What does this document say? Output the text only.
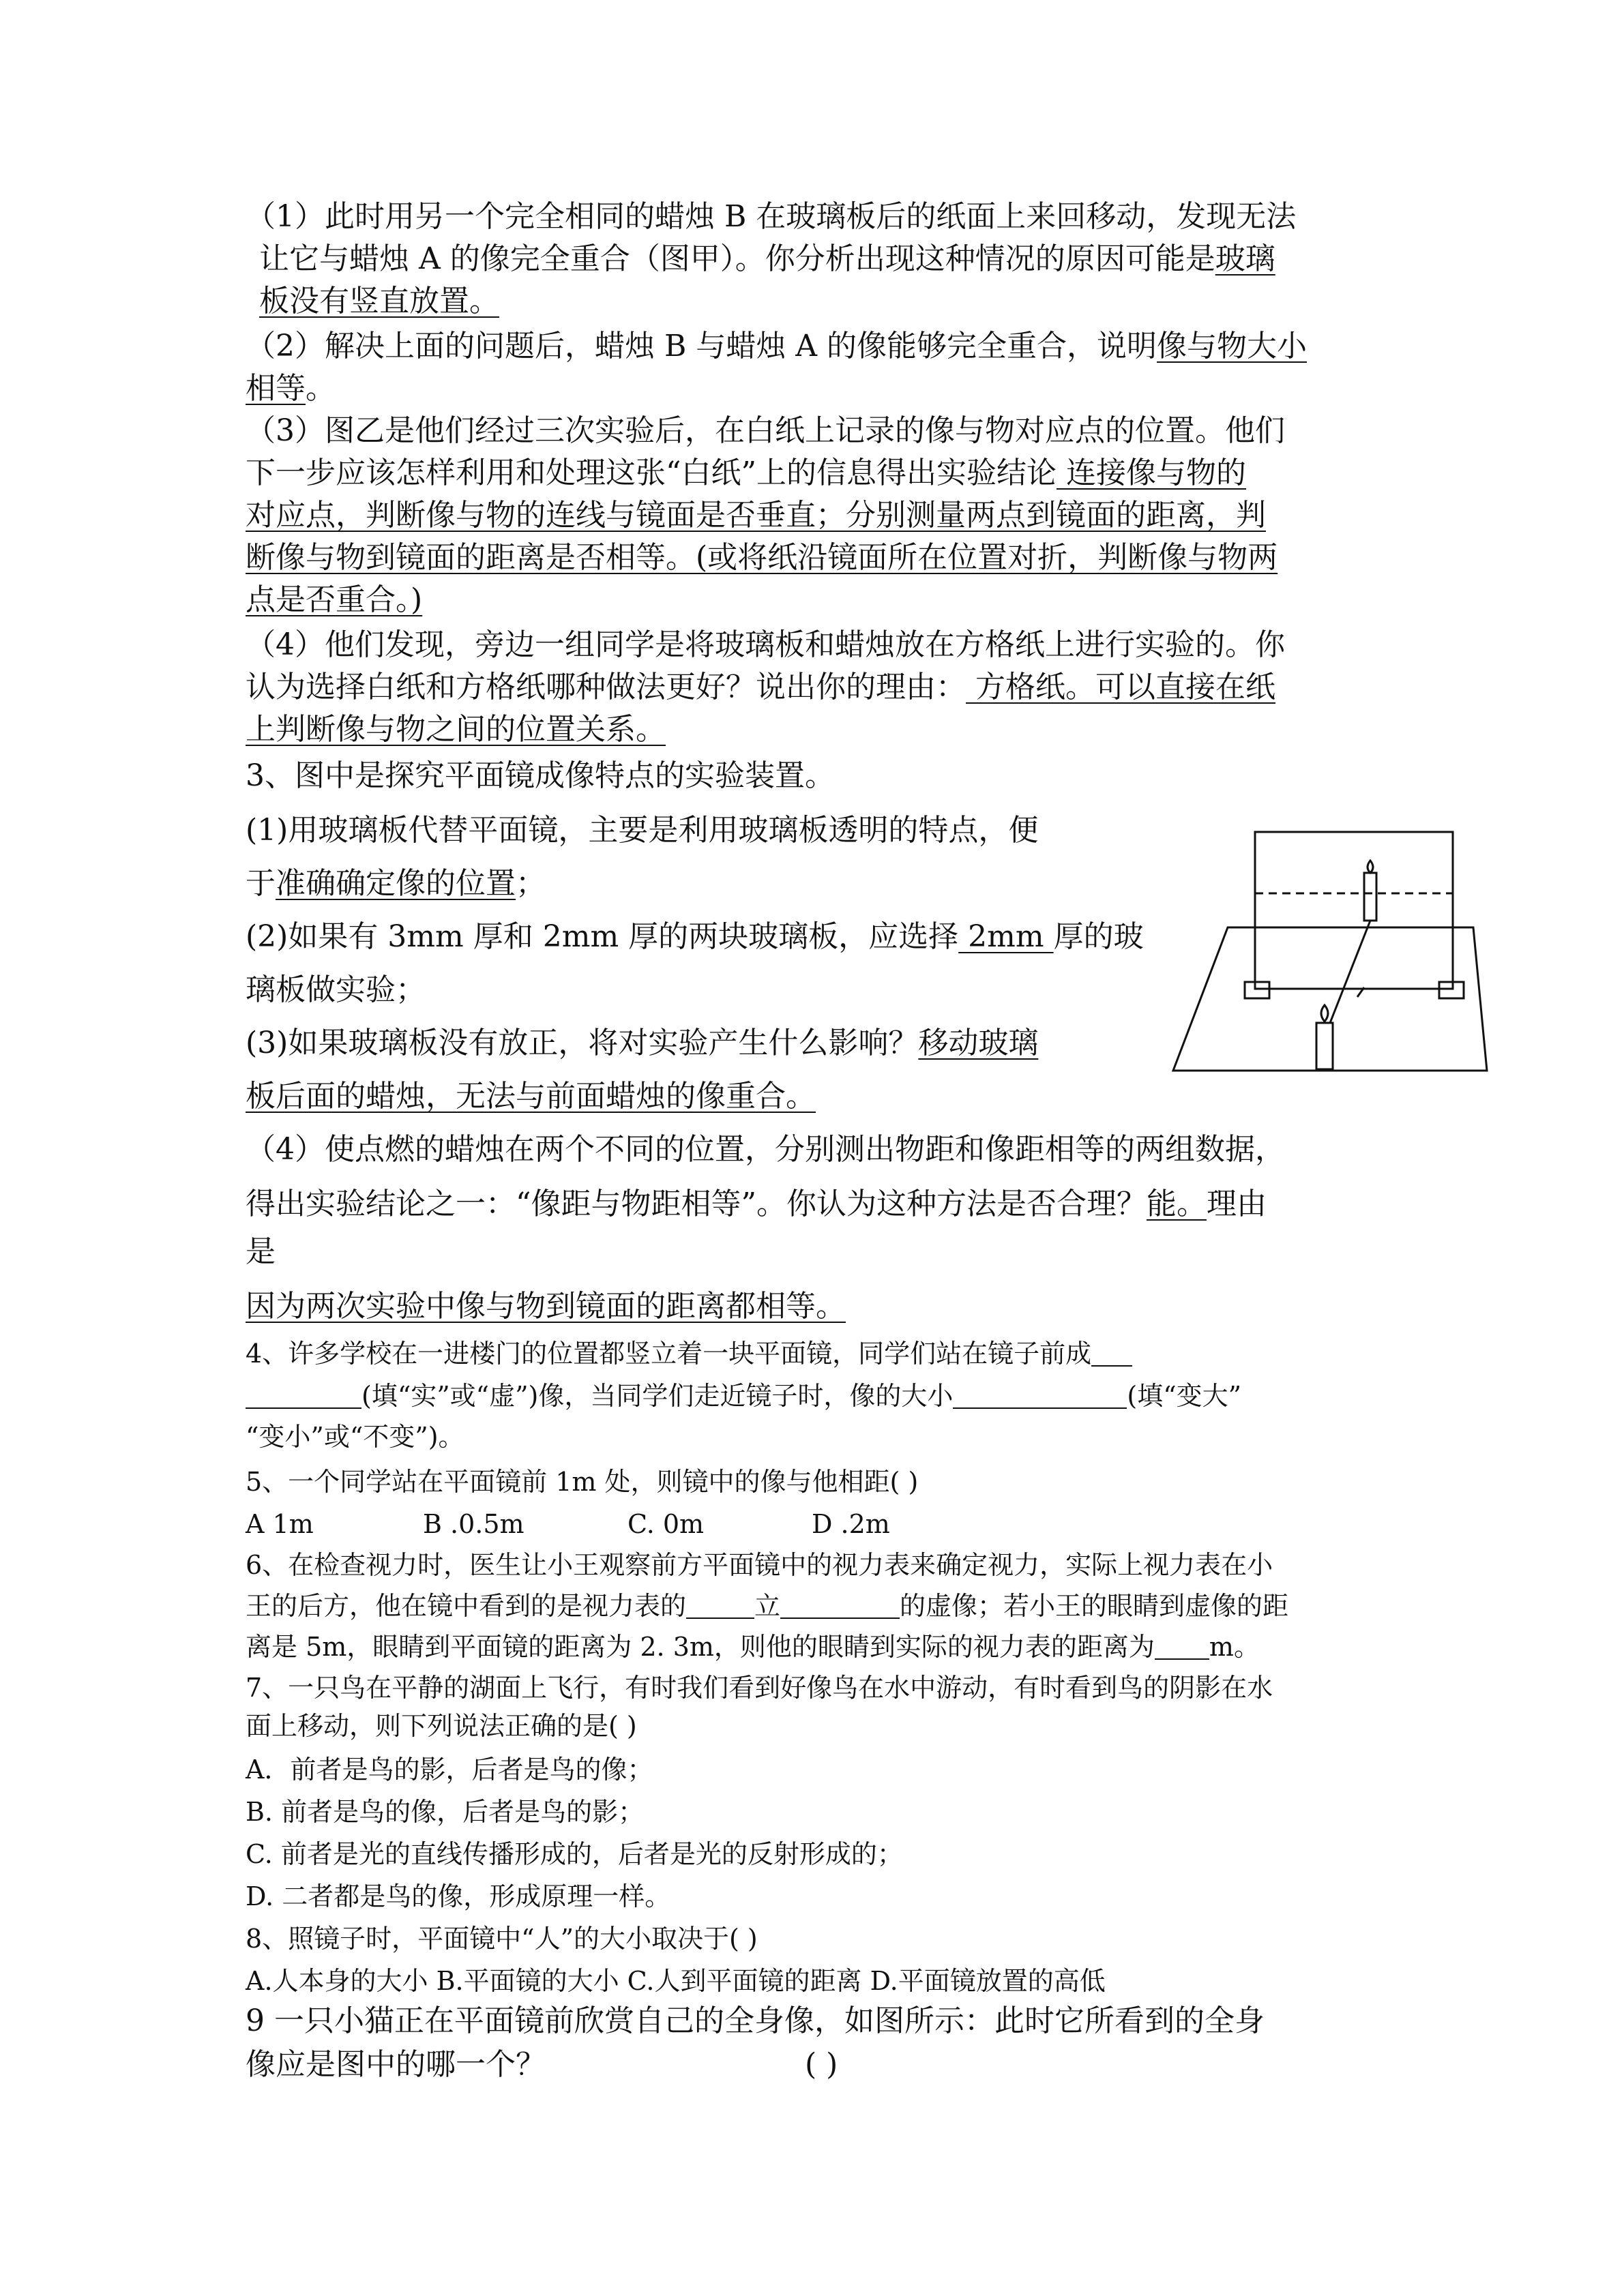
（1）此时用另一个完全相同的蜡烛 B 在玻璃板后的纸面上来回移动，发现无法
让它与蜡烛 A 的像完全重合（图甲）。你分析出现这种情况的原因可能是玻璃
板没有竖直放置。
（2）解决上面的问题后，蜡烛 B 与蜡烛 A 的像能够完全重合，说明像与物大小
相等。
（3）图乙是他们经过三次实验后，在白纸上记录的像与物对应点的位置。他们
下一步应该怎样利用和处理这张“白纸”上的信息得出实验结论 连接像与物的
对应点，判断像与物的连线与镜面是否垂直；分别测量两点到镜面的距离，判
断像与物到镜面的距离是否相等。(或将纸沿镜面所在位置对折，判断像与物两
点是否重合。)
（4）他们发现，旁边一组同学是将玻璃板和蜡烛放在方格纸上进行实验的。你
认为选择白纸和方格纸哪种做法更好？说出你的理由： 方格纸。可以直接在纸
上判断像与物之间的位置关系。
3、图中是探究平面镜成像特点的实验装置。
(1)用玻璃板代替平面镜，主要是利用玻璃板透明的特点，便
于准确确定像的位置；
(2)如果有 3mm 厚和 2mm 厚的两块玻璃板，应选择 2mm 厚的玻
璃板做实验；
(3)如果玻璃板没有放正，将对实验产生什么影响？移动玻璃
板后面的蜡烛，无法与前面蜡烛的像重合。
（4）使点燃的蜡烛在两个不同的位置，分别测出物距和像距相等的两组数据，
得出实验结论之一：“像距与物距相等”。你认为这种方法是否合理？能。理由
是
因为两次实验中像与物到镜面的距离都相等。
4、许多学校在一进楼门的位置都竖立着一块平面镜，同学们站在镜子前成
(填“实”或“虚”)像，当同学们走近镜子时，像的大小	(填“变大”
“变小”或“不变”)。
5、一个同学站在平面镜前 1m 处，则镜中的像与他相距( )
A 1m	B .0.5m	C. 0m	D .2m
6、在检查视力时，医生让小王观察前方平面镜中的视力表来确定视力，实际上视力表在小
王的后方，他在镜中看到的是视力表的	立	的虚像；若小王的眼睛到虚像的距
离是 5m，眼睛到平面镜的距离为 2. 3m，则他的眼睛到实际的视力表的距离为 m。
7、一只鸟在平静的湖面上飞行，有时我们看到好像鸟在水中游动，有时看到鸟的阴影在水
面上移动，则下列说法正确的是( )
A．前者是鸟的影，后者是鸟的像；
B. 前者是鸟的像，后者是鸟的影；
C. 前者是光的直线传播形成的，后者是光的反射形成的；
D. 二者都是鸟的像，形成原理一样。
8、照镜子时，平面镜中“人”的大小取决于( )
A.人本身的大小 B.平面镜的大小 C.人到平面镜的距离 D.平面镜放置的高低
9 一只小猫正在平面镜前欣赏自己的全身像，如图所示：此时它所看到的全身
像应是图中的哪一个？	( )
